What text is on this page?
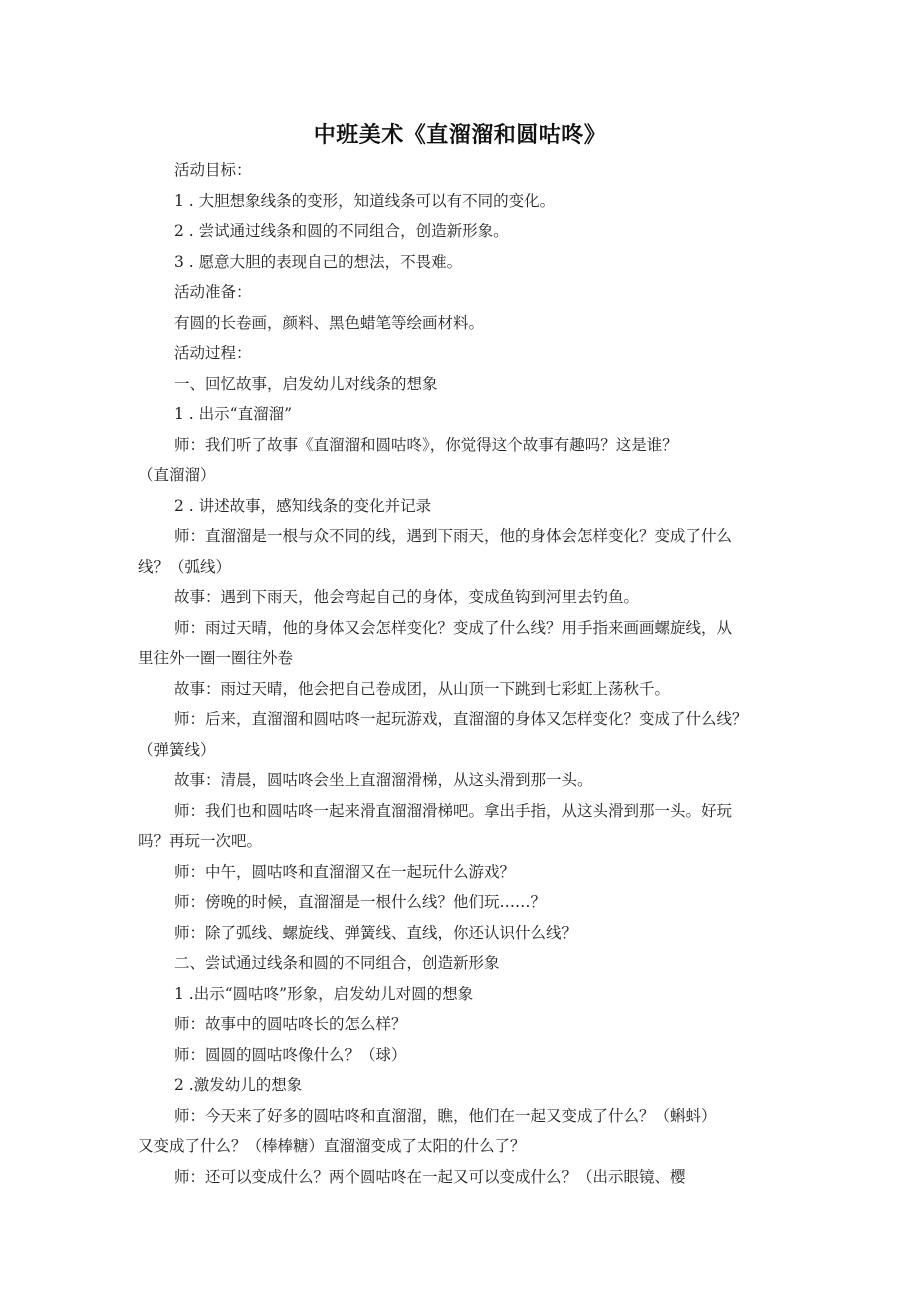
中班美术《直溜溜和圆咕咚》

活动目标：

1 . 大胆想象线条的变形，知道线条可以有不同的变化。

2 . 尝试通过线条和圆的不同组合，创造新形象。

3 . 愿意大胆的表现自己的想法，不畏难。

活动准备：

有圆的长卷画，颜料、黑色蜡笔等绘画材料。

活动过程：

一、回忆故事，启发幼儿对线条的想象

1 . 出示“直溜溜”

师：我们听了故事《直溜溜和圆咕咚》，你觉得这个故事有趣吗？这是谁？

（直溜溜）

2 . 讲述故事，感知线条的变化并记录

师：直溜溜是一根与众不同的线，遇到下雨天，他的身体会怎样变化？变成了什么

线？（弧线）

故事：遇到下雨天，他会弯起自己的身体，变成鱼钩到河里去钓鱼。

师：雨过天晴，他的身体又会怎样变化？变成了什么线？用手指来画画螺旋线，从

里往外一圈一圈往外卷

故事：雨过天晴，他会把自己卷成团，从山顶一下跳到七彩虹上荡秋千。

师：后来，直溜溜和圆咕咚一起玩游戏，直溜溜的身体又怎样变化？变成了什么线？

（弹簧线）

故事：清晨，圆咕咚会坐上直溜溜滑梯，从这头滑到那一头。

师：我们也和圆咕咚一起来滑直溜溜滑梯吧。拿出手指，从这头滑到那一头。好玩

吗？再玩一次吧。

师：中午，圆咕咚和直溜溜又在一起玩什么游戏？

师：傍晚的时候，直溜溜是一根什么线？他们玩……？

师：除了弧线、螺旋线、弹簧线、直线，你还认识什么线？

二、尝试通过线条和圆的不同组合，创造新形象

1 .出示“圆咕咚”形象，启发幼儿对圆的想象

师：故事中的圆咕咚长的怎么样？

师：圆圆的圆咕咚像什么？（球）

2 .激发幼儿的想象

师：今天来了好多的圆咕咚和直溜溜，瞧，他们在一起又变成了什么？（蝌蚪）

又变成了什么？（棒棒糖）直溜溜变成了太阳的什么了？

师：还可以变成什么？两个圆咕咚在一起又可以变成什么？（出示眼镜、樱
